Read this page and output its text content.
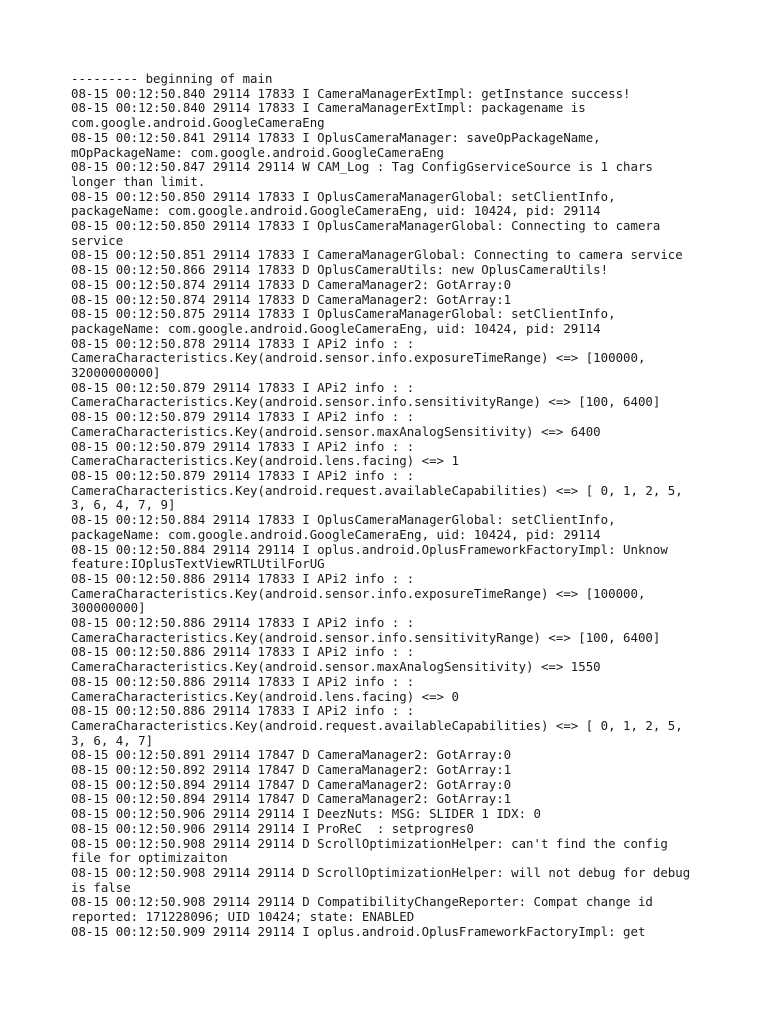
--------- beginning of main
08-15 00:12:50.840 29114 17833 I CameraManagerExtImpl: getInstance success!
08-15 00:12:50.840 29114 17833 I CameraManagerExtImpl: packagename is
com.google.android.GoogleCameraEng
08-15 00:12:50.841 29114 17833 I OplusCameraManager: saveOpPackageName,
mOpPackageName: com.google.android.GoogleCameraEng
08-15 00:12:50.847 29114 29114 W CAM_Log : Tag ConfigGserviceSource is 1 chars
longer than limit.
08-15 00:12:50.850 29114 17833 I OplusCameraManagerGlobal: setClientInfo,
packageName: com.google.android.GoogleCameraEng, uid: 10424, pid: 29114
08-15 00:12:50.850 29114 17833 I OplusCameraManagerGlobal: Connecting to camera
service
08-15 00:12:50.851 29114 17833 I CameraManagerGlobal: Connecting to camera service
08-15 00:12:50.866 29114 17833 D OplusCameraUtils: new OplusCameraUtils!
08-15 00:12:50.874 29114 17833 D CameraManager2: GotArray:0
08-15 00:12:50.874 29114 17833 D CameraManager2: GotArray:1
08-15 00:12:50.875 29114 17833 I OplusCameraManagerGlobal: setClientInfo,
packageName: com.google.android.GoogleCameraEng, uid: 10424, pid: 29114
08-15 00:12:50.878 29114 17833 I APi2 info : :
CameraCharacteristics.Key(android.sensor.info.exposureTimeRange) <=> [100000,
32000000000]
08-15 00:12:50.879 29114 17833 I APi2 info : :
CameraCharacteristics.Key(android.sensor.info.sensitivityRange) <=> [100, 6400]
08-15 00:12:50.879 29114 17833 I APi2 info : :
CameraCharacteristics.Key(android.sensor.maxAnalogSensitivity) <=> 6400
08-15 00:12:50.879 29114 17833 I APi2 info : :
CameraCharacteristics.Key(android.lens.facing) <=> 1
08-15 00:12:50.879 29114 17833 I APi2 info : :
CameraCharacteristics.Key(android.request.availableCapabilities) <=> [ 0, 1, 2, 5,
3, 6, 4, 7, 9]
08-15 00:12:50.884 29114 17833 I OplusCameraManagerGlobal: setClientInfo,
packageName: com.google.android.GoogleCameraEng, uid: 10424, pid: 29114
08-15 00:12:50.884 29114 29114 I oplus.android.OplusFrameworkFactoryImpl: Unknow
feature:IOplusTextViewRTLUtilForUG
08-15 00:12:50.886 29114 17833 I APi2 info : :
CameraCharacteristics.Key(android.sensor.info.exposureTimeRange) <=> [100000,
300000000]
08-15 00:12:50.886 29114 17833 I APi2 info : :
CameraCharacteristics.Key(android.sensor.info.sensitivityRange) <=> [100, 6400]
08-15 00:12:50.886 29114 17833 I APi2 info : :
CameraCharacteristics.Key(android.sensor.maxAnalogSensitivity) <=> 1550
08-15 00:12:50.886 29114 17833 I APi2 info : :
CameraCharacteristics.Key(android.lens.facing) <=> 0
08-15 00:12:50.886 29114 17833 I APi2 info : :
CameraCharacteristics.Key(android.request.availableCapabilities) <=> [ 0, 1, 2, 5,
3, 6, 4, 7]
08-15 00:12:50.891 29114 17847 D CameraManager2: GotArray:0
08-15 00:12:50.892 29114 17847 D CameraManager2: GotArray:1
08-15 00:12:50.894 29114 17847 D CameraManager2: GotArray:0
08-15 00:12:50.894 29114 17847 D CameraManager2: GotArray:1
08-15 00:12:50.906 29114 29114 I DeezNuts: MSG: SLIDER 1 IDX: 0
08-15 00:12:50.906 29114 29114 I ProReC  : setprogres0
08-15 00:12:50.908 29114 29114 D ScrollOptimizationHelper: can't find the config
file for optimizaiton
08-15 00:12:50.908 29114 29114 D ScrollOptimizationHelper: will not debug for debug
is false
08-15 00:12:50.908 29114 29114 D CompatibilityChangeReporter: Compat change id
reported: 171228096; UID 10424; state: ENABLED
08-15 00:12:50.909 29114 29114 I oplus.android.OplusFrameworkFactoryImpl: get
